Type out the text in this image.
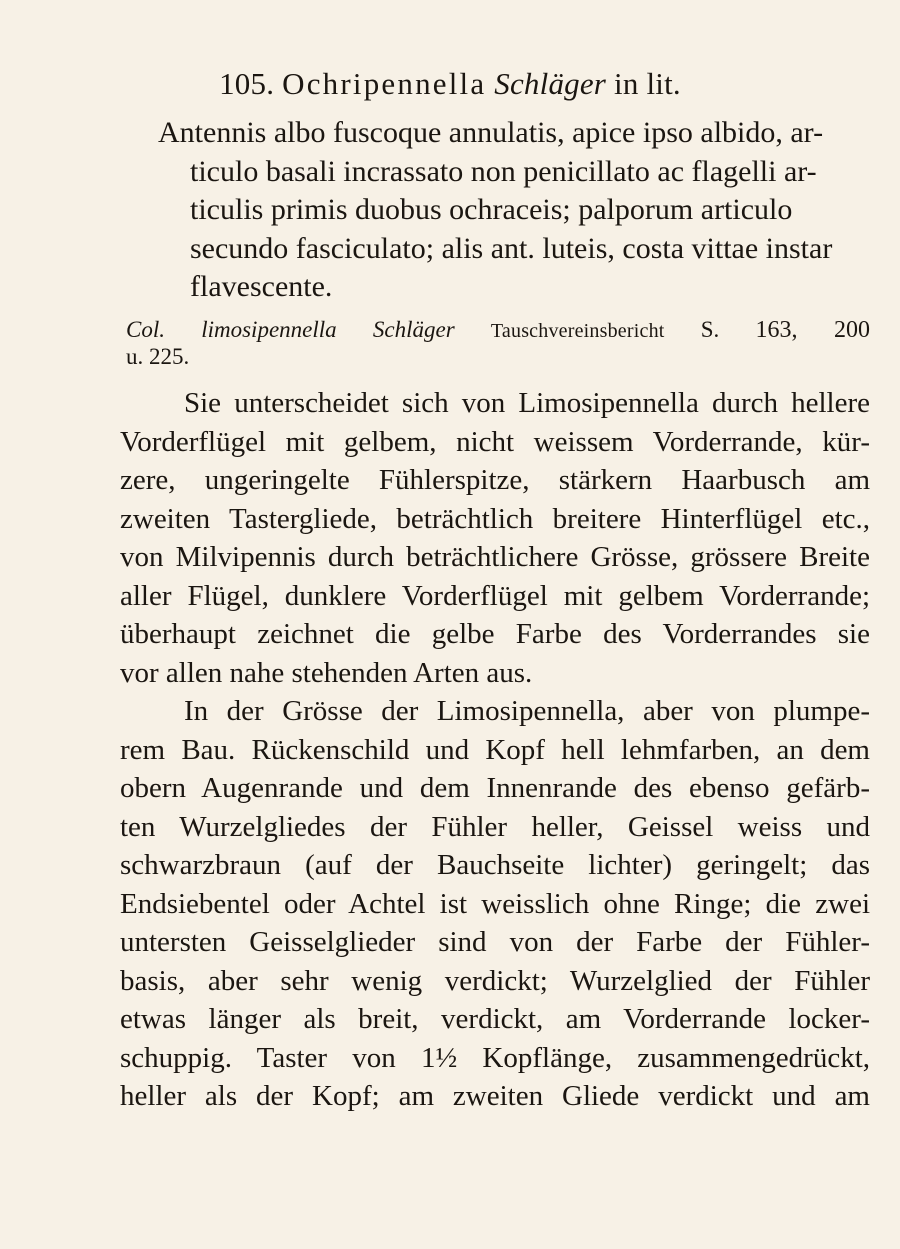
105. Ochripennella Schläger in lit.
Antennis albo fuscoque annulatis, apice ipso albido, ar-
ticulo basali incrassato non penicillato ac flagelli ar-
ticulis primis duobus ochraceis; palporum articulo
secundo fasciculato; alis ant. luteis, costa vittae instar
flavescente.
Col. limosipennella Schläger Tauschvereinsbericht S. 163, 200
u. 225.
Sie unterscheidet sich von Limosipennella durch hellere
Vorderflügel mit gelbem, nicht weissem Vorderrande, kür-
zere, ungeringelte Fühlerspitze, stärkern Haarbusch am
zweiten Tastergliede, beträchtlich breitere Hinterflügel etc.,
von Milvipennis durch beträchtlichere Grösse, grössere Breite
aller Flügel, dunklere Vorderflügel mit gelbem Vorderrande;
überhaupt zeichnet die gelbe Farbe des Vorderrandes sie
vor allen nahe stehenden Arten aus.
In der Grösse der Limosipennella, aber von plumpe-
rem Bau. Rückenschild und Kopf hell lehmfarben, an dem
obern Augenrande und dem Innenrande des ebenso gefärb-
ten Wurzelgliedes der Fühler heller, Geissel weiss und
schwarzbraun (auf der Bauchseite lichter) geringelt; das
Endsiebentel oder Achtel ist weisslich ohne Ringe; die zwei
untersten Geisselglieder sind von der Farbe der Fühler-
basis, aber sehr wenig verdickt; Wurzelglied der Fühler
etwas länger als breit, verdickt, am Vorderrande locker-
schuppig. Taster von 1½ Kopflänge, zusammengedrückt,
heller als der Kopf; am zweiten Gliede verdickt und am
